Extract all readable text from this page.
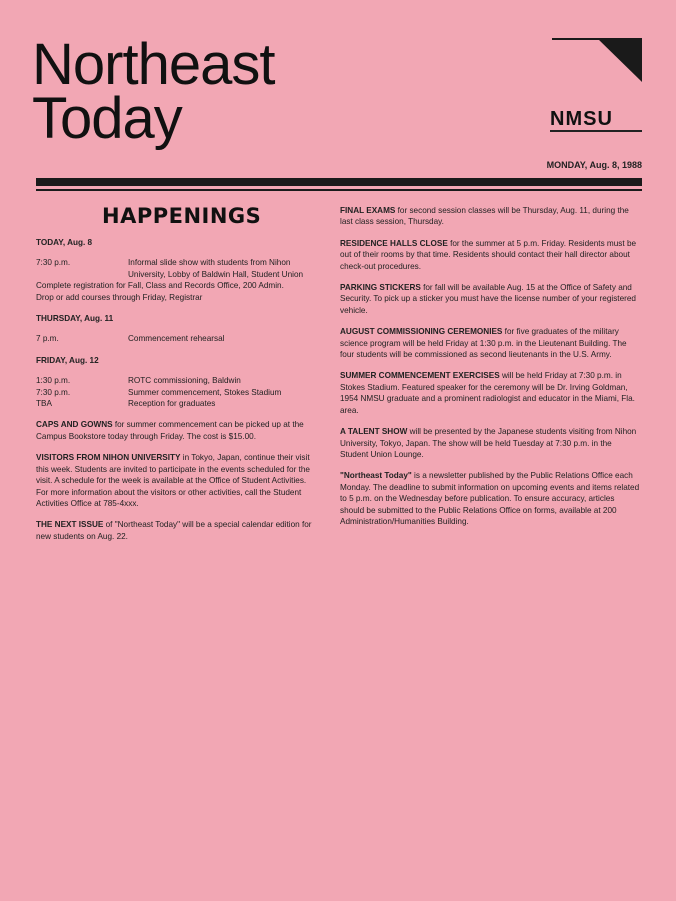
Northeast
Today	NMSU
MONDAY, Aug. 8, 1988
HAPPENINGS
TODAY, Aug. 8
7:30 p.m.	Informal slide show with students from Nihon University, Lobby of Baldwin Hall, Student Union
Complete registration for Fall, Class and Records Office, 200 Admin.
Drop or add courses through Friday, Registrar
THURSDAY, Aug. 11
7 p.m.	Commencement rehearsal
FRIDAY, Aug. 12
1:30 p.m.	ROTC commissioning, Baldwin
7:30 p.m.	Summer commencement, Stokes Stadium
TBA	Reception for graduates

CAPS AND GOWNS for summer commencement can be picked up at the Campus Bookstore today through Friday. The cost is $15.00.

VISITORS FROM NIHON UNIVERSITY in Tokyo, Japan, continue their visit this week. Students are invited to participate in the events scheduled for the visit. A schedule for the week is available at the Office of Student Activities. For more information about the visitors or other activities, call the Student Activities Office at 785-4xxx.

THE NEXT ISSUE of "Northeast Today" will be a special calendar edition for new students on Aug. 22.

FINAL EXAMS for second session classes will be Thursday, Aug. 11, during the last class session, Thursday.

RESIDENCE HALLS CLOSE for the summer at 5 p.m. Friday. Residents must be out of their rooms by that time. Residents should contact their hall director about check-out procedures.

PARKING STICKERS for fall will be available Aug. 15 at the Office of Safety and Security. To pick up a sticker you must have the license number of your registered vehicle.

AUGUST COMMISSIONING CEREMONIES for five graduates of the military science program will be held Friday at 1:30 p.m. in the Lieutenant Building. The four students will be commissioned as second lieutenants in the U.S. Army.

SUMMER COMMENCEMENT EXERCISES will be held Friday at 7:30 p.m. in Stokes Stadium. Featured speaker for the ceremony will be Dr. Irving Goldman, 1954 NMSU graduate and a prominent radiologist and educator in the Miami, Fla. area.

A TALENT SHOW will be presented by the Japanese students visiting from Nihon University, Tokyo, Japan. The show will be held Tuesday at 7:30 p.m. in the Student Union Lounge.

"Northeast Today" is a newsletter published by the Public Relations Office each Monday. The deadline to submit information on upcoming events and items related to 5 p.m. on the Wednesday before publication. To ensure accuracy, articles should be submitted to the Public Relations Office on forms, available at 200 Administration/Humanities Building.
